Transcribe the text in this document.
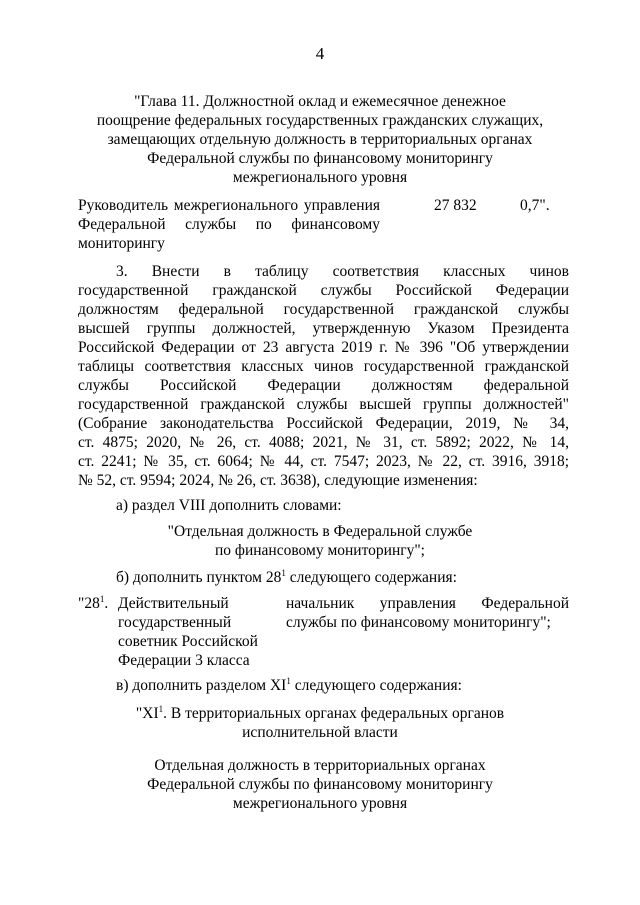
4
"Глава 11. Должностной оклад и ежемесячное денежное
поощрение федеральных государственных гражданских служащих,
замещающих отдельную должность в территориальных органах
Федеральной службы по финансовому мониторингу
межрегионального уровня
Руководитель межрегионального управления
Федеральной службы по финансовому
мониторингу
27 832	0,7".
3. Внести в таблицу соответствия классных чинов
государственной гражданской службы Российской Федерации
должностям федеральной государственной гражданской службы
высшей группы должностей, утвержденную Указом Президента
Российской Федерации от 23 августа 2019 г. № 396 "Об утверждении
таблицы соответствия классных чинов государственной гражданской
службы Российской Федерации должностям федеральной
государственной гражданской службы высшей группы должностей"
(Собрание законодательства Российской Федерации, 2019, № 34,
ст. 4875; 2020, № 26, ст. 4088; 2021, № 31, ст. 5892; 2022, № 14,
ст. 2241; № 35, ст. 6064; № 44, ст. 7547; 2023, № 22, ст. 3916, 3918;
№ 52, ст. 9594; 2024, № 26, ст. 3638), следующие изменения:
а) раздел VIII дополнить словами:
"Отдельная должность в Федеральной службе
по финансовому мониторингу";
б) дополнить пунктом $28^1$ следующего содержания:
"$28^1$. Действительный
государственный
советник Российской
Федерации 3 класса
начальник управления Федеральной
службы по финансовому мониторингу";
в) дополнить разделом $XI^1$ следующего содержания:
"$XI^1$. В территориальных органах федеральных органов
исполнительной власти
Отдельная должность в территориальных органах
Федеральной службы по финансовому мониторингу
межрегионального уровня
